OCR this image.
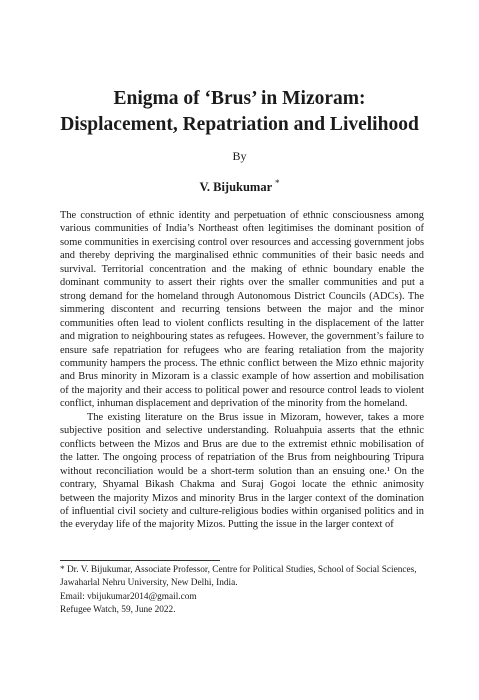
Enigma of ‘Brus’ in Mizoram:
Displacement, Repatriation and Livelihood

By

V. Bijukumar *

The construction of ethnic identity and perpetuation of ethnic consciousness among various communities of India’s Northeast often legitimises the dominant position of some communities in exercising control over resources and accessing government jobs and thereby depriving the marginalised ethnic communities of their basic needs and survival. Territorial concentration and the making of ethnic boundary enable the dominant community to assert their rights over the smaller communities and put a strong demand for the homeland through Autonomous District Councils (ADCs). The simmering discontent and recurring tensions between the major and the minor communities often lead to violent conflicts resulting in the displacement of the latter and migration to neighbouring states as refugees. However, the government’s failure to ensure safe repatriation for refugees who are fearing retaliation from the majority community hampers the process. The ethnic conflict between the Mizo ethnic majority and Brus minority in Mizoram is a classic example of how assertion and mobilisation of the majority and their access to political power and resource control leads to violent conflict, inhuman displacement and deprivation of the minority from the homeland.

The existing literature on the Brus issue in Mizoram, however, takes a more subjective position and selective understanding. Roluahpuia asserts that the ethnic conflicts between the Mizos and Brus are due to the extremist ethnic mobilisation of the latter. The ongoing process of repatriation of the Brus from neighbouring Tripura without reconciliation would be a short-term solution than an ensuing one.¹ On the contrary, Shyamal Bikash Chakma and Suraj Gogoi locate the ethnic animosity between the majority Mizos and minority Brus in the larger context of the domination of influential civil society and culture-religious bodies within organised politics and in the everyday life of the majority Mizos. Putting the issue in the larger context of

* Dr. V. Bijukumar, Associate Professor, Centre for Political Studies, School of Social Sciences, Jawaharlal Nehru University, New Delhi, India.

Email: vbijukumar2014@gmail.com

Refugee Watch, 59, June 2022.
